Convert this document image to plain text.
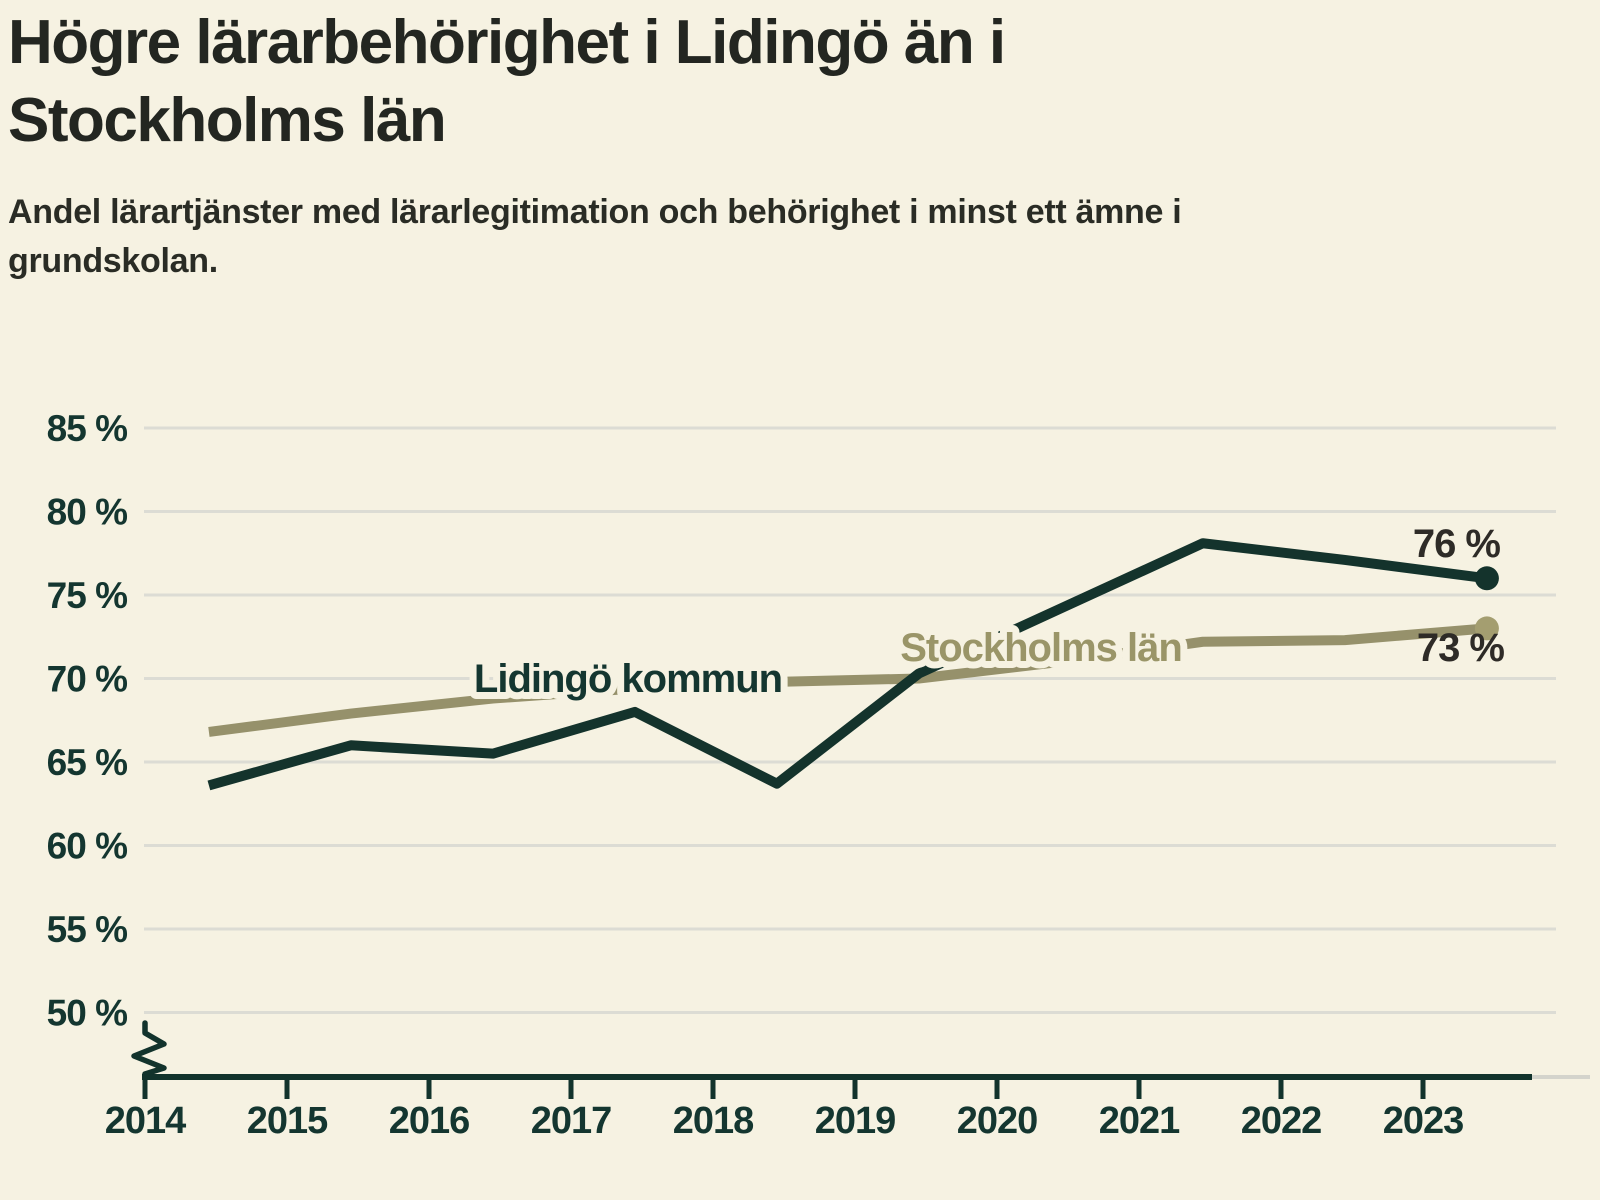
Högre lärarbehörighet i Lidingö än i
Stockholms län

Andel lärartjänster med lärarlegitimation och behörighet i minst ett ämne i
grundskolan.

85 %
80 %
75 %
70 %
65 %
60 %
55 %
50 %
2014 2015 2016 2017 2018 2019 2020 2021 2022 2023
Lidingö kommun
Stockholms län
76 %
73 %
